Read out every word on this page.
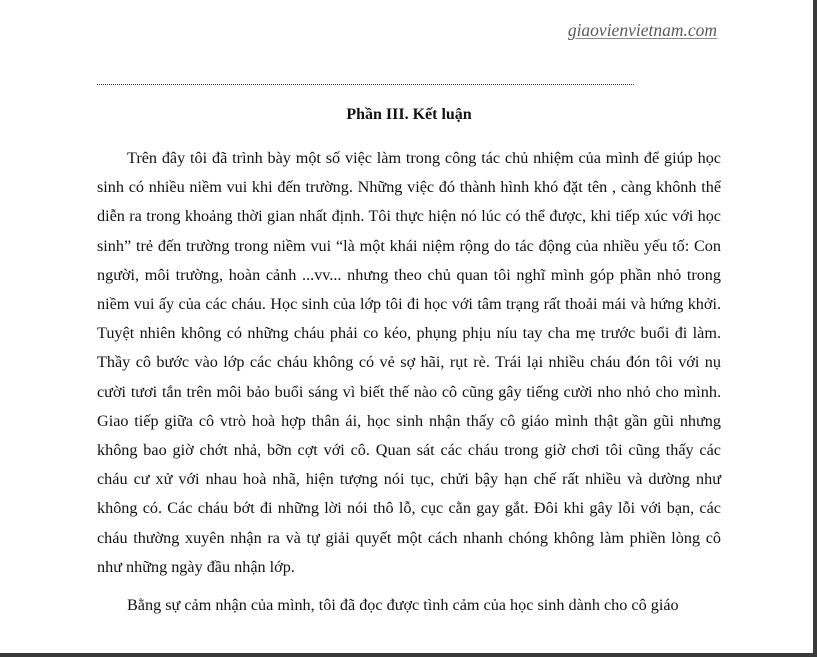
giaovienvietnam.com
Phần III. Kết luận

Trên đây tôi đã trình bày một số việc làm trong công tác chủ nhiệm của mình để giúp học sinh có nhiều niềm vui khi đến trường. Những việc đó thành hình khó đặt tên , càng khônh thể diễn ra trong khoảng thời gian nhất định. Tôi thực hiện nó lúc có thể được, khi tiếp xúc với học sinh” trẻ đến trường trong niềm vui “là một khái niệm rộng do tác động của nhiều yếu tố: Con người, môi trường, hoàn cảnh ...vv... nhưng theo chủ quan tôi nghĩ mình góp phần nhỏ trong niềm vui ấy của các cháu. Học sinh của lớp tôi đi học với tâm trạng rất thoải mái và hứng khởi. Tuyệt nhiên không có những cháu phải co kéo, phụng phịu níu tay cha mẹ trước buổi đi làm. Thầy cô bước vào lớp các cháu không có vẻ sợ hãi, rụt rè. Trái lại nhiều cháu đón tôi với nụ cười tươi tắn trên môi bảo buổi sáng vì biết thế nào cô cũng gây tiếng cười nho nhỏ cho mình. Giao tiếp giữa cô vtrò hoà hợp thân ái, học sinh nhận thấy cô giáo mình thật gần gũi nhưng không bao giờ chớt nhả, bỡn cợt với cô. Quan sát các cháu trong giờ chơi tôi cũng thấy các cháu cư xử với nhau hoà nhã, hiện tượng nói tục, chửi bậy hạn chế rất nhiều và dường như không có. Các cháu bớt đi những lời nói thô lỗ, cục cằn gay gắt. Đôi khi gây lỗi với bạn, các cháu thường xuyên nhận ra và tự giải quyết một cách nhanh chóng không làm phiền lòng cô như những ngày đầu nhận lớp.

Bằng sự cảm nhận của mình, tôi đã đọc được tình cảm của học sinh dành cho cô giáo
